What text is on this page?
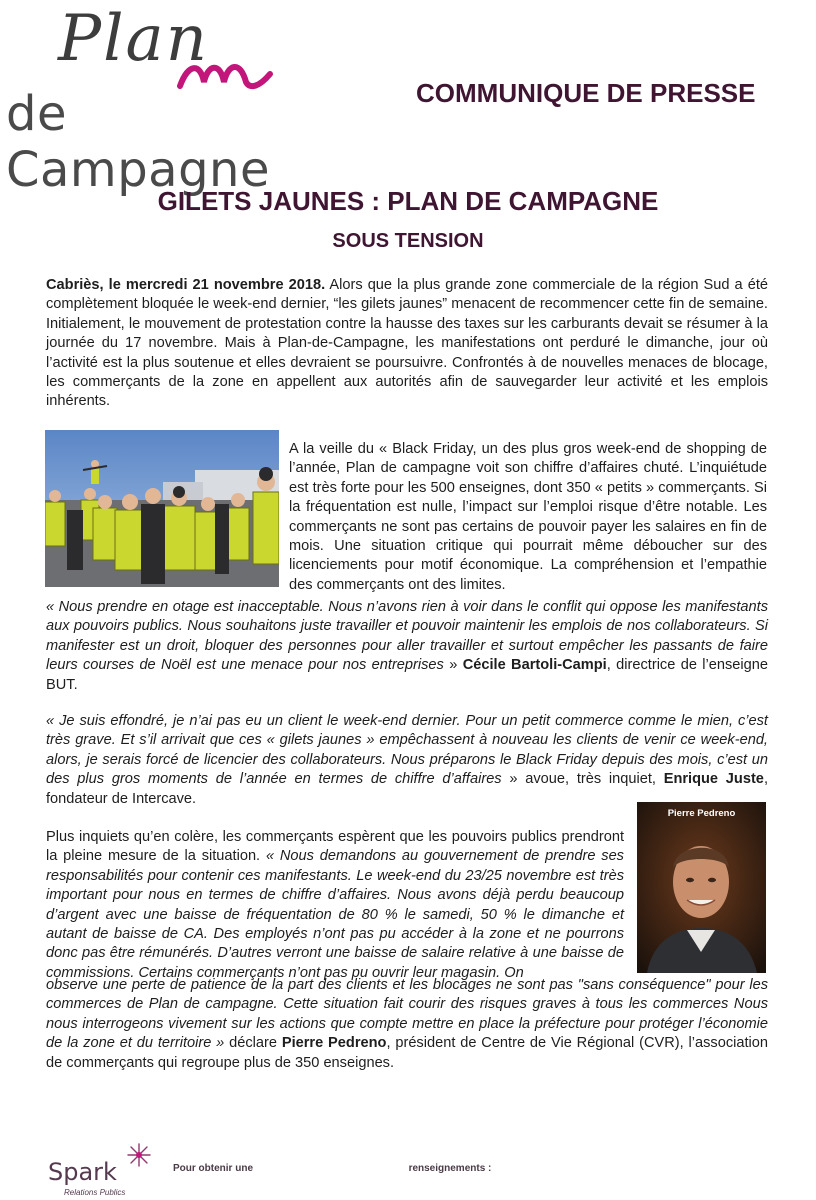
Plan
de Campagne
COMMUNIQUE DE PRESSE
GILETS JAUNES : PLAN DE CAMPAGNE
SOUS TENSION
Cabriès, le mercredi 21 novembre 2018. Alors que la plus grande zone commerciale de la région Sud a été complètement bloquée le week-end dernier, “les gilets jaunes” menacent de recommencer cette fin de semaine. Initialement, le mouvement de protestation contre la hausse des taxes sur les carburants devait se résumer à la journée du 17 novembre. Mais à Plan-de-Campagne, les manifestations ont perduré le dimanche, jour où l’activité est la plus soutenue et elles devraient se poursuivre. Confrontés à de nouvelles menaces de blocage, les commerçants de la zone en appellent aux autorités afin de sauvegarder leur activité et les emplois inhérents.
A la veille du « Black Friday, un des plus gros week-end de shopping de l’année, Plan de campagne voit son chiffre d’affaires chuté. L’inquiétude est très forte pour les 500 enseignes, dont 350 « petits » commerçants. Si la fréquentation est nulle, l’impact sur l’emploi risque d’être notable. Les commerçants ne sont pas certains de pouvoir payer les salaires en fin de mois. Une situation critique qui pourrait même déboucher sur des licenciements pour motif économique. La compréhension et l’empathie des commerçants ont des limites.
« Nous prendre en otage est inacceptable. Nous n’avons rien à voir dans le conflit qui oppose les manifestants aux pouvoirs publics. Nous souhaitons juste travailler et pouvoir maintenir les emplois de nos collaborateurs. Si manifester est un droit, bloquer des personnes pour aller travailler et surtout empêcher les passants de faire leurs courses de Noël est une menace pour nos entreprises » Cécile Bartoli-Campi, directrice de l’enseigne BUT.
« Je suis effondré, je n’ai pas eu un client le week-end dernier. Pour un petit commerce comme le mien, c’est très grave. Et s’il arrivait que ces « gilets jaunes » empêchassent à nouveau les clients de venir ce week-end, alors, je serais forcé de licencier des collaborateurs. Nous préparons le Black Friday depuis des mois, c’est un des plus gros moments de l’année en termes de chiffre d’affaires » avoue, très inquiet, Enrique Juste, fondateur de Intercave.
Pierre Pedreno
Plus inquiets qu’en colère, les commerçants espèrent que les pouvoirs publics prendront la pleine mesure de la situation. « Nous demandons au gouvernement de prendre ses responsabilités pour contenir ces manifestants. Le week-end du 23/25 novembre est très important pour nous en termes de chiffre d’affaires. Nous avons déjà perdu beaucoup d’argent avec une baisse de fréquentation de 80 % le samedi, 50 % le dimanche et autant de baisse de CA. Des employés n’ont pas pu accéder à la zone et ne pourrons donc pas être rémunérés. D’autres verront une baisse de salaire relative à une baisse de commissions. Certains commerçants n’ont pas pu ouvrir leur magasin. On
observe une perte de patience de la part des clients et les blocages ne sont pas "sans conséquence" pour les commerces de Plan de campagne. Cette situation fait courir des risques graves à tous les commerces Nous nous interrogeons vivement sur les actions que compte mettre en place la préfecture pour protéger l’économie de la zone et du territoire » déclare Pierre Pedreno, président de Centre de Vie Régional (CVR), l’association de commerçants qui regroupe plus de 350 enseignes.
Spark
Relations Publics
Pour obtenir une	renseignements :
